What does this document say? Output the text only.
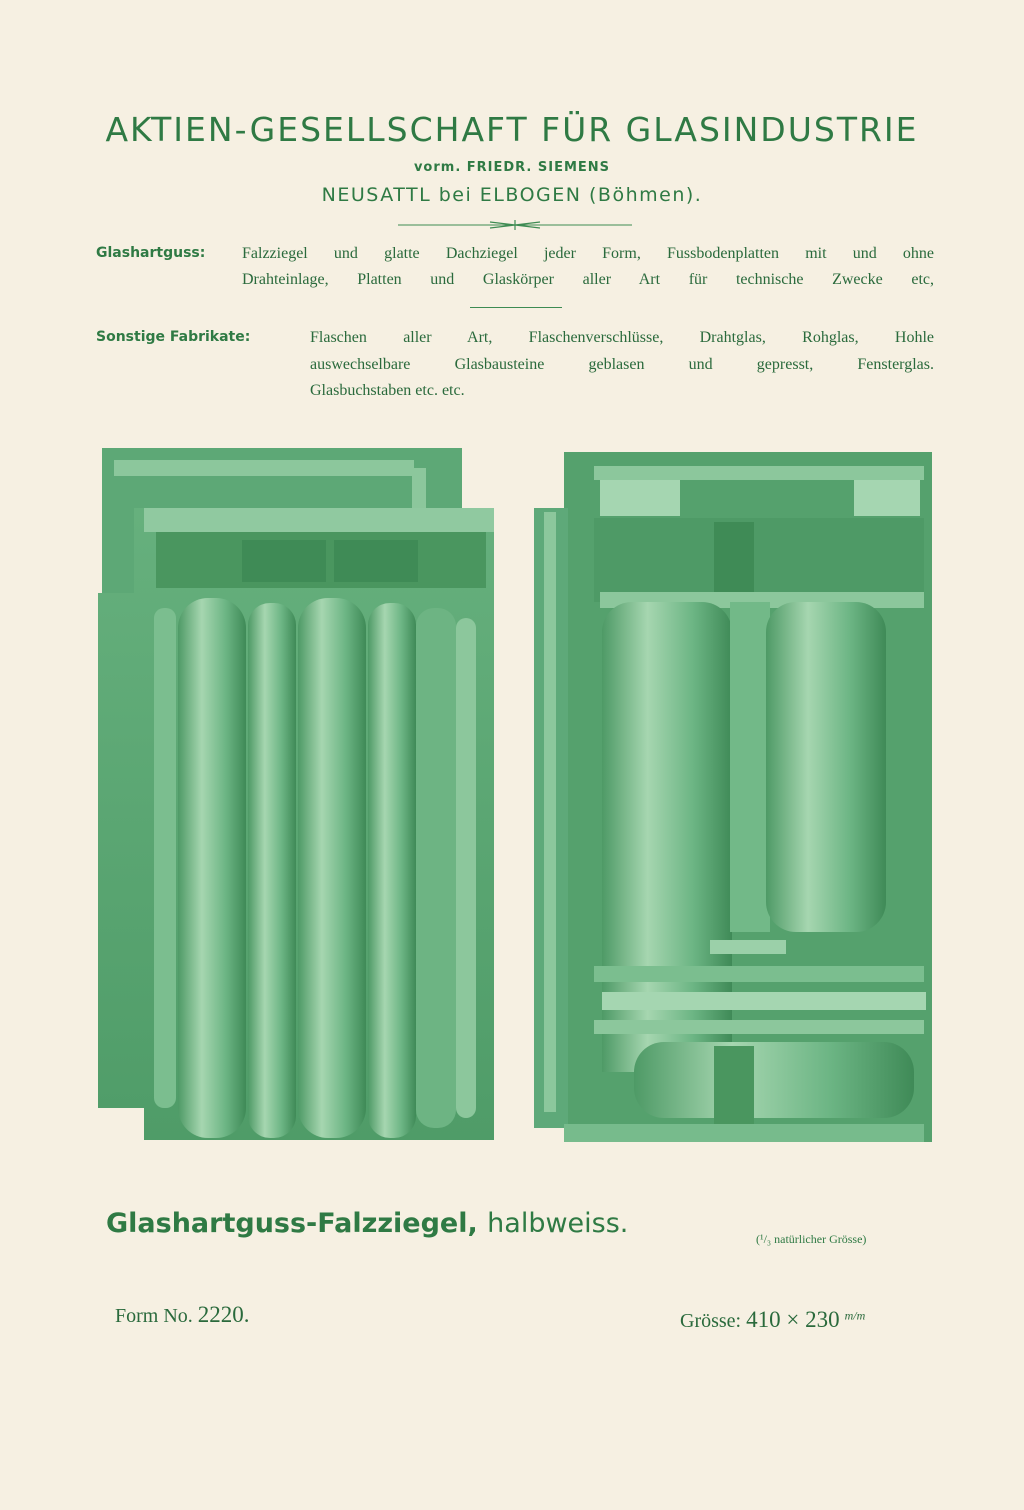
AKTIEN-GESELLSCHAFT FÜR GLASINDUSTRIE
vorm. FRIEDR. SIEMENS
NEUSATTL bei ELBOGEN (Böhmen).
Glashartguss: Falzziegel und glatte Dachziegel jeder Form, Fussbodenplatten mit und ohne
Drahteinlage, Platten und Glaskörper aller Art für technische Zwecke etc,
Sonstige Fabrikate:	Flaschen aller Art, Flaschenverschlüsse, Drahtglas, Rohglas, Hohle
auswechselbare Glasbausteine geblasen und gepresst, Fensterglas.
Glasbuchstaben etc. etc.
Glashartguss-Falzziegel, halbweiss.	(¹/₃ natürlicher Grösse)
Form No. 2220.	Grösse: 410 × 230 $^{m/m}$
